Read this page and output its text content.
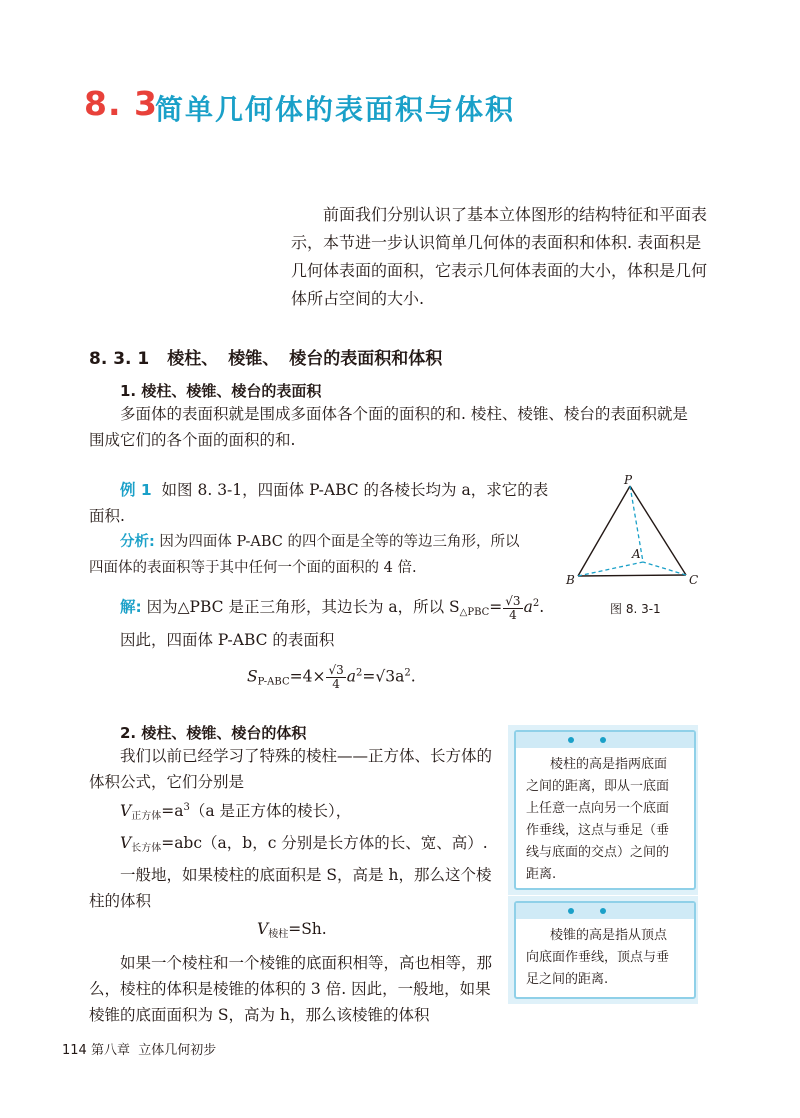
8. 3
简单几何体的表面积与体积
前面我们分别认识了基本立体图形的结构特征和平面表
示，本节进一步认识简单几何体的表面积和体积. 表面积是
几何体表面的面积，它表示几何体表面的大小，体积是几何
体所占空间的大小.
8. 3. 1 棱柱、 棱锥、 棱台的表面积和体积
1. 棱柱、棱锥、棱台的表面积
多面体的表面积就是围成多面体各个面的面积的和. 棱柱、棱锥、棱台的表面积就是
围成它们的各个面的面积的和.
例 1 如图 8. 3-1，四面体 P-ABC 的各棱长均为 a，求它的表
面积.
分析: 因为四面体 P-ABC 的四个面是全等的等边三角形，所以
四面体的表面积等于其中任何一个面的面积的 4 倍.
解: 因为△PBC 是正三角形，其边长为 a，所以 S△PBC= $\frac{√3}{4} a^2$.
因此，四面体 P-ABC 的表面积
$SP-ABC=4\times \frac{√3}{4} a^2=√3a^2$.
P
A
B	C
图 8. 3-1
2. 棱柱、棱锥、棱台的体积
我们以前已经学习了特殊的棱柱——正方体、长方体的
体积公式，它们分别是
V正方体$=a^3(a$ 是正方体的棱长），
V长方体=abc（a，b，c 分别是长方体的长、宽、高）.
一般地，如果棱柱的底面积是 S，高是 h，那么这个棱
柱的体积
V棱柱=Sh.
如果一个棱柱和一个棱锥的底面积相等，高也相等，那
么，棱柱的体积是棱锥的体积的 3 倍. 因此，一般地，如果
棱锥的底面面积为 S，高为 h，那么该棱锥的体积
棱柱的高是指两底面
之间的距离，即从一底面
上任意一点向另一个底面
作垂线，这点与垂足（垂
线与底面的交点）之间的
距离.
棱锥的高是指从顶点
向底面作垂线，顶点与垂
足之间的距离.
114 第八章 立体几何初步
